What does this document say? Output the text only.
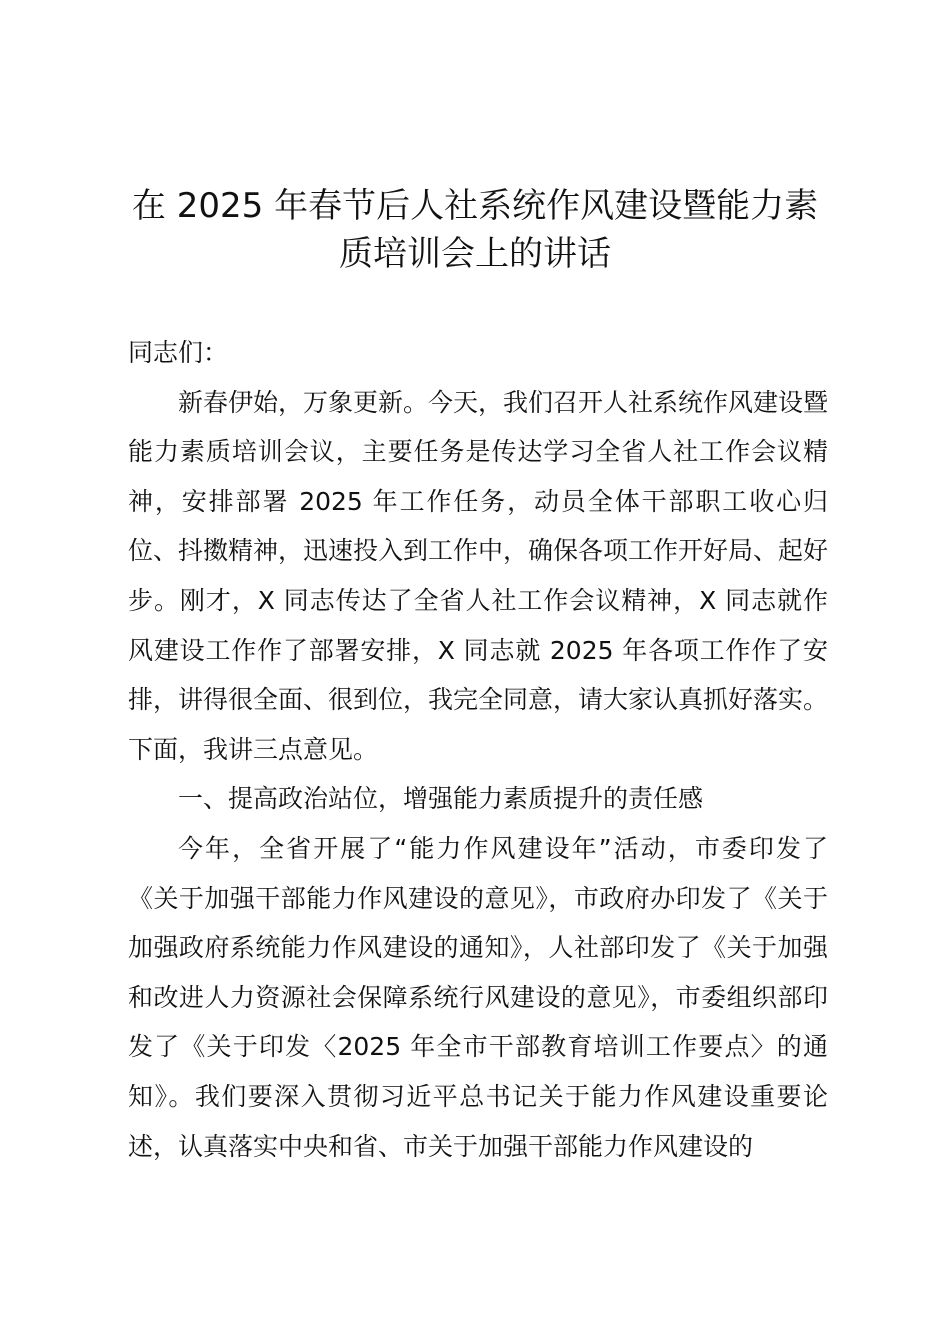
在 2025 年春节后人社系统作风建设暨能力素
质培训会上的讲话

同志们：

新春伊始，万象更新。今天，我们召开人社系统作风建设暨能力素质培训会议，主要任务是传达学习全省人社工作会议精神，安排部署 2025 年工作任务，动员全体干部职工收心归位、抖擞精神，迅速投入到工作中，确保各项工作开好局、起好步。刚才，X 同志传达了全省人社工作会议精神，X 同志就作风建设工作作了部署安排，X 同志就 2025 年各项工作作了安排，讲得很全面、很到位，我完全同意，请大家认真抓好落实。下面，我讲三点意见。

一、提高政治站位，增强能力素质提升的责任感

今年，全省开展了“能力作风建设年”活动，市委印发了《关于加强干部能力作风建设的意见》，市政府办印发了《关于加强政府系统能力作风建设的通知》，人社部印发了《关于加强和改进人力资源社会保障系统行风建设的意见》，市委组织部印发了《关于印发〈2025 年全市干部教育培训工作要点〉的通知》。我们要深入贯彻习近平总书记关于能力作风建设重要论述，认真落实中央和省、市关于加强干部能力作风建设的
